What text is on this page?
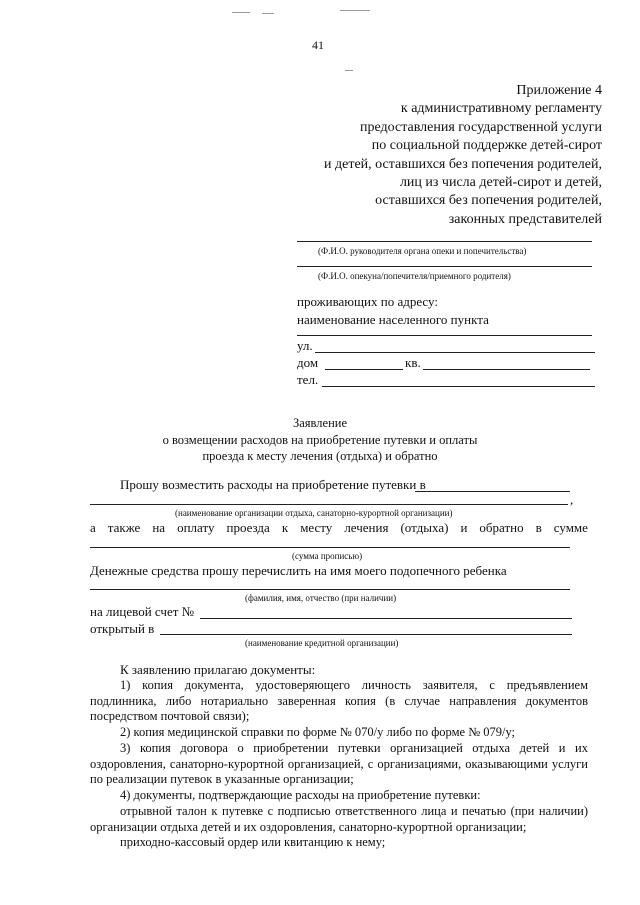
41
Приложение 4
к административному регламенту
предоставления государственной услуги
по социальной поддержке детей-сирот
и детей, оставшихся без попечения родителей,
лиц из числа детей-сирот и детей,
оставшихся без попечения родителей,
законных представителей
(Ф.И.О. руководителя органа опеки и попечительства)
(Ф.И.О. опекуна/попечителя/приемного родителя)
проживающих по адресу:
наименование населенного пункта
ул.
дом	кв.
тел.
Заявление
о возмещении расходов на приобретение путевки и оплаты
проезда к месту лечения (отдыха) и обратно
Прошу возместить расходы на приобретение путевки в
,
(наименование организации отдыха, санаторно-курортной организации)
а также на оплату проезда к месту лечения (отдыха) и обратно в сумме
(сумма прописью)
Денежные средства прошу перечислить на имя моего подопечного ребенка
(фамилия, имя, отчество (при наличии)
на лицевой счет №
открытый в
(наименование кредитной организации)
К заявлению прилагаю документы:
1) копия документа, удостоверяющего личность заявителя, с предъявлением подлинника, либо нотариально заверенная копия (в случае направления документов посредством почтовой связи);
2) копия медицинской справки по форме № 070/у либо по форме № 079/у;
3) копия договора о приобретении путевки организацией отдыха детей и их оздоровления, санаторно-курортной организацией, с организациями, оказывающими услуги по реализации путевок в указанные организации;
4) документы, подтверждающие расходы на приобретение путевки:
отрывной талон к путевке с подписью ответственного лица и печатью (при наличии) организации отдыха детей и их оздоровления, санаторно-курортной организации;
приходно-кассовый ордер или квитанцию к нему;
